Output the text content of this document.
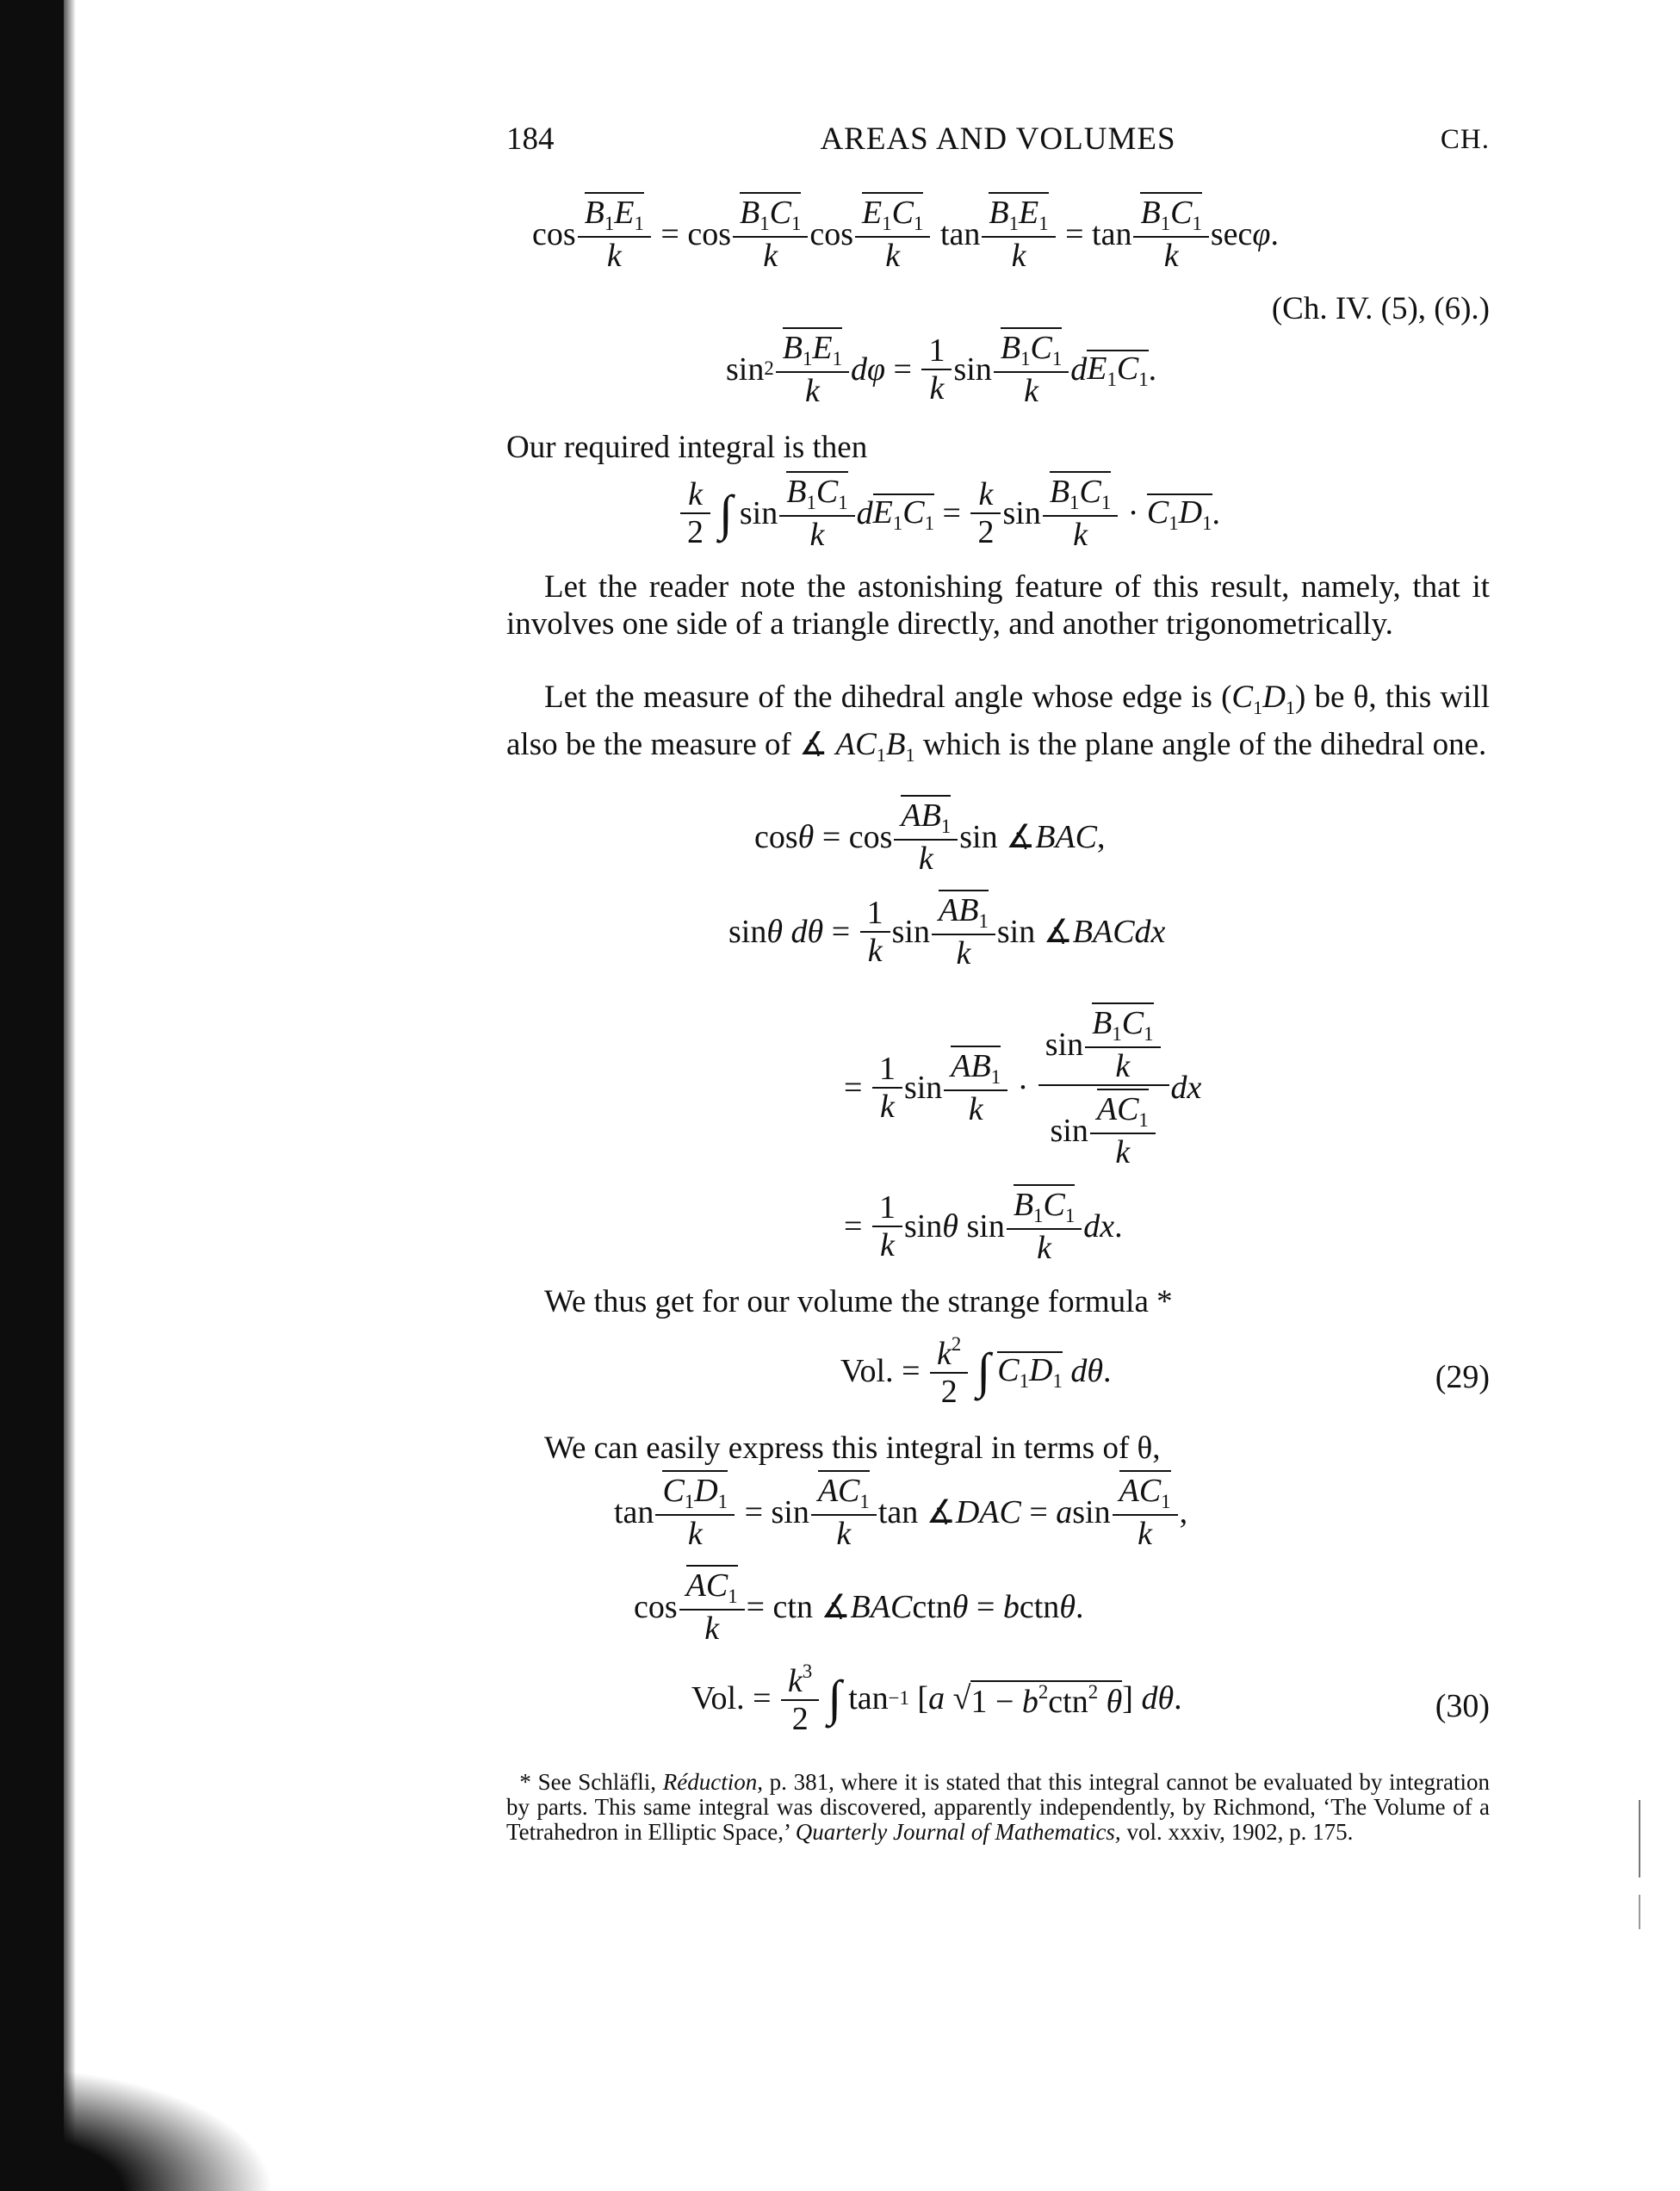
184	AREAS AND VOLUMES	CH.
cos
$B_1E_1$
k
= cos
$B_1C_1$
k
cos
$E_1C_1$
k
tan
$B_1E_1$
k
= tan
$B_1C_1$
k
sec φ .
(Ch. IV. (5), (6).)
sin 2
$B_1E_1$
k
dφ =
1
k
sin
$B_1C_1$
k
d $E_1C_1$ .
Our required integral is then
k
2 ∫ sin
$B_1C_1$
k
d $E_1C_1$ =
k
2
sin
$B_1C_1$
k
· $C_1D_1$ .
Let the reader note the astonishing feature of this result, namely, that it involves one side of a triangle directly, and another trigonometrically.
Let the measure of the dihedral angle whose edge is $(C_1D_1)$ be θ, this will also be the measure of ∡ $AC_1B_1$ which is the plane angle of the dihedral one.
cos θ = cos
$AB_1$
k
sin ∡ BAC ,
sin θ dθ =
1
k
sin
$AB_1$
k
sin ∡ BACdx
=
1
k
sin
$AB_1$
k
·
sin
$B_1C_1$
k
sin
$AC_1$
k
dx
=
1
k
sin θ sin
$B_1C_1$
k
dx .
We thus get for our volume the strange formula *
Vol. = $k^2$
2 ∫ $C_1D_1$
dθ .	(29)
We can easily express this integral in terms of θ,
tan
$C_1D_1$
k
= sin
$AC_1$
k
tan ∡ DAC = a sin
$AC_1$
k
,
cos
$AC_1$
k
= ctn ∡ BAC ctn θ = b ctn θ .
Vol. = $k^3$
2 ∫ tan −1 [ a √ $1 - b^2ctn^2$ θ ] dθ .	(30)
* See Schläfli, Réduction, p. 381, where it is stated that this integral cannot be evaluated by integration by parts. This same integral was discovered, apparently independently, by Richmond, ‘The Volume of a Tetrahedron in Elliptic Space,’ Quarterly Journal of Mathematics, vol. xxxiv, 1902, p. 175.
